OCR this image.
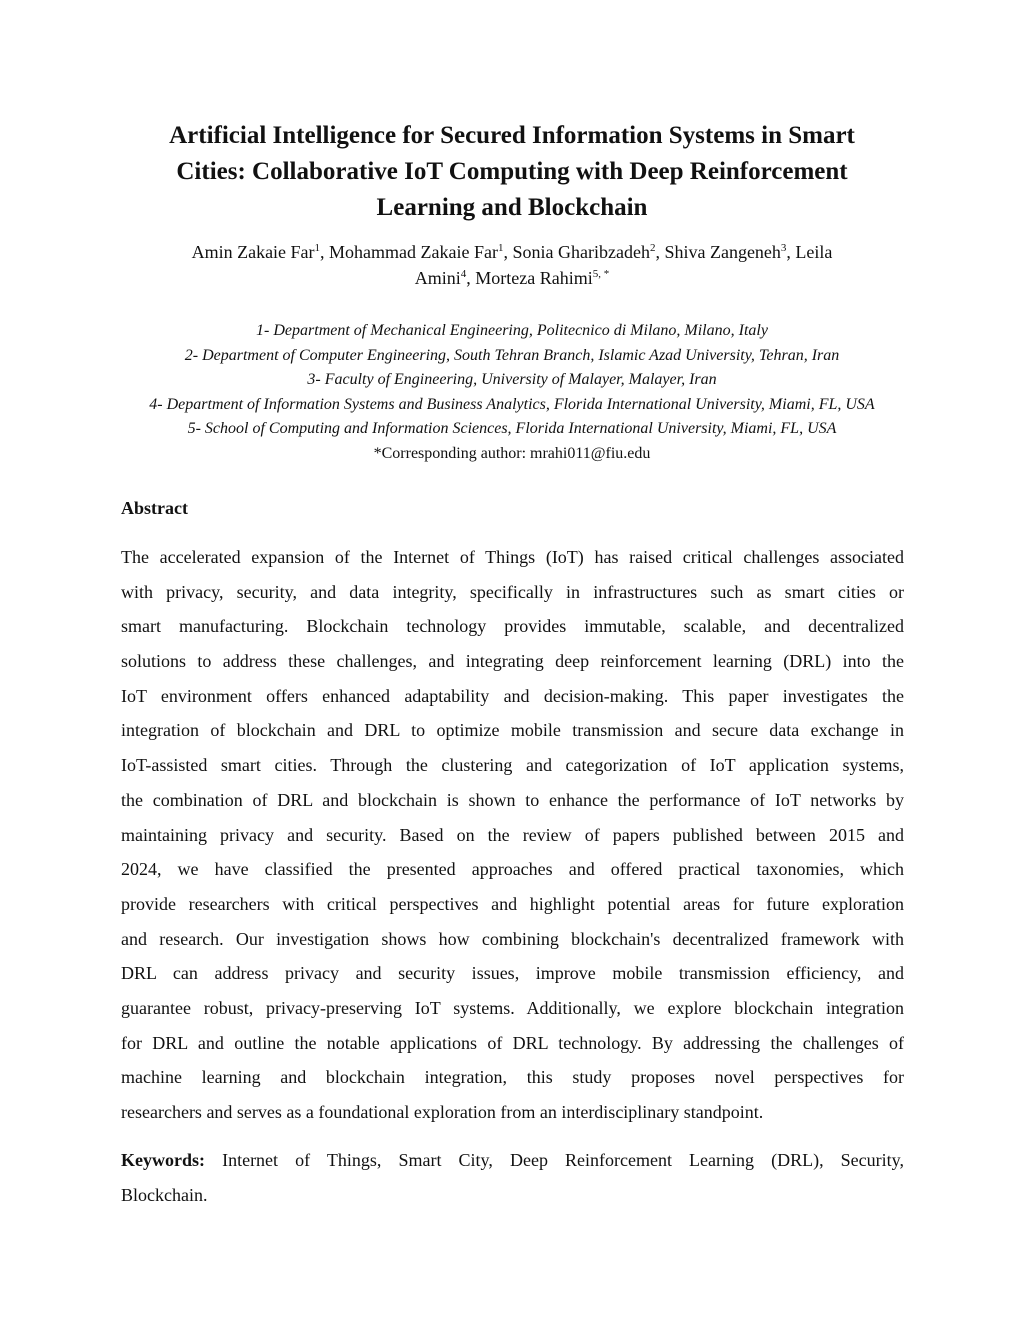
Artificial Intelligence for Secured Information Systems in Smart
Cities: Collaborative IoT Computing with Deep Reinforcement
Learning and Blockchain

Amin Zakaie Far$^1$, Mohammad Zakaie Far$^1$, Sonia Gharibzadeh$^2$, Shiva Zangeneh$^3$, Leila
Amini$^4$, Morteza Rahimi$^{5, *}$

1- Department of Mechanical Engineering, Politecnico di Milano, Milano, Italy
2- Department of Computer Engineering, South Tehran Branch, Islamic Azad University, Tehran, Iran
3- Faculty of Engineering, University of Malayer, Malayer, Iran
4- Department of Information Systems and Business Analytics, Florida International University, Miami, FL, USA
5- School of Computing and Information Sciences, Florida International University, Miami, FL, USA
*Corresponding author: mrahi011@fiu.edu
Abstract
The accelerated expansion of the Internet of Things (IoT) has raised critical challenges associated
with privacy, security, and data integrity, specifically in infrastructures such as smart cities or
smart manufacturing. Blockchain technology provides immutable, scalable, and decentralized
solutions to address these challenges, and integrating deep reinforcement learning (DRL) into the
IoT environment offers enhanced adaptability and decision-making. This paper investigates the
integration of blockchain and DRL to optimize mobile transmission and secure data exchange in
IoT-assisted smart cities. Through the clustering and categorization of IoT application systems,
the combination of DRL and blockchain is shown to enhance the performance of IoT networks by
maintaining privacy and security. Based on the review of papers published between 2015 and
2024, we have classified the presented approaches and offered practical taxonomies, which
provide researchers with critical perspectives and highlight potential areas for future exploration
and research. Our investigation shows how combining blockchain's decentralized framework with
DRL can address privacy and security issues, improve mobile transmission efficiency, and
guarantee robust, privacy-preserving IoT systems. Additionally, we explore blockchain integration
for DRL and outline the notable applications of DRL technology. By addressing the challenges of
machine learning and blockchain integration, this study proposes novel perspectives for
researchers and serves as a foundational exploration from an interdisciplinary standpoint.
Keywords: Internet of Things, Smart City, Deep Reinforcement Learning (DRL), Security,
Blockchain.
